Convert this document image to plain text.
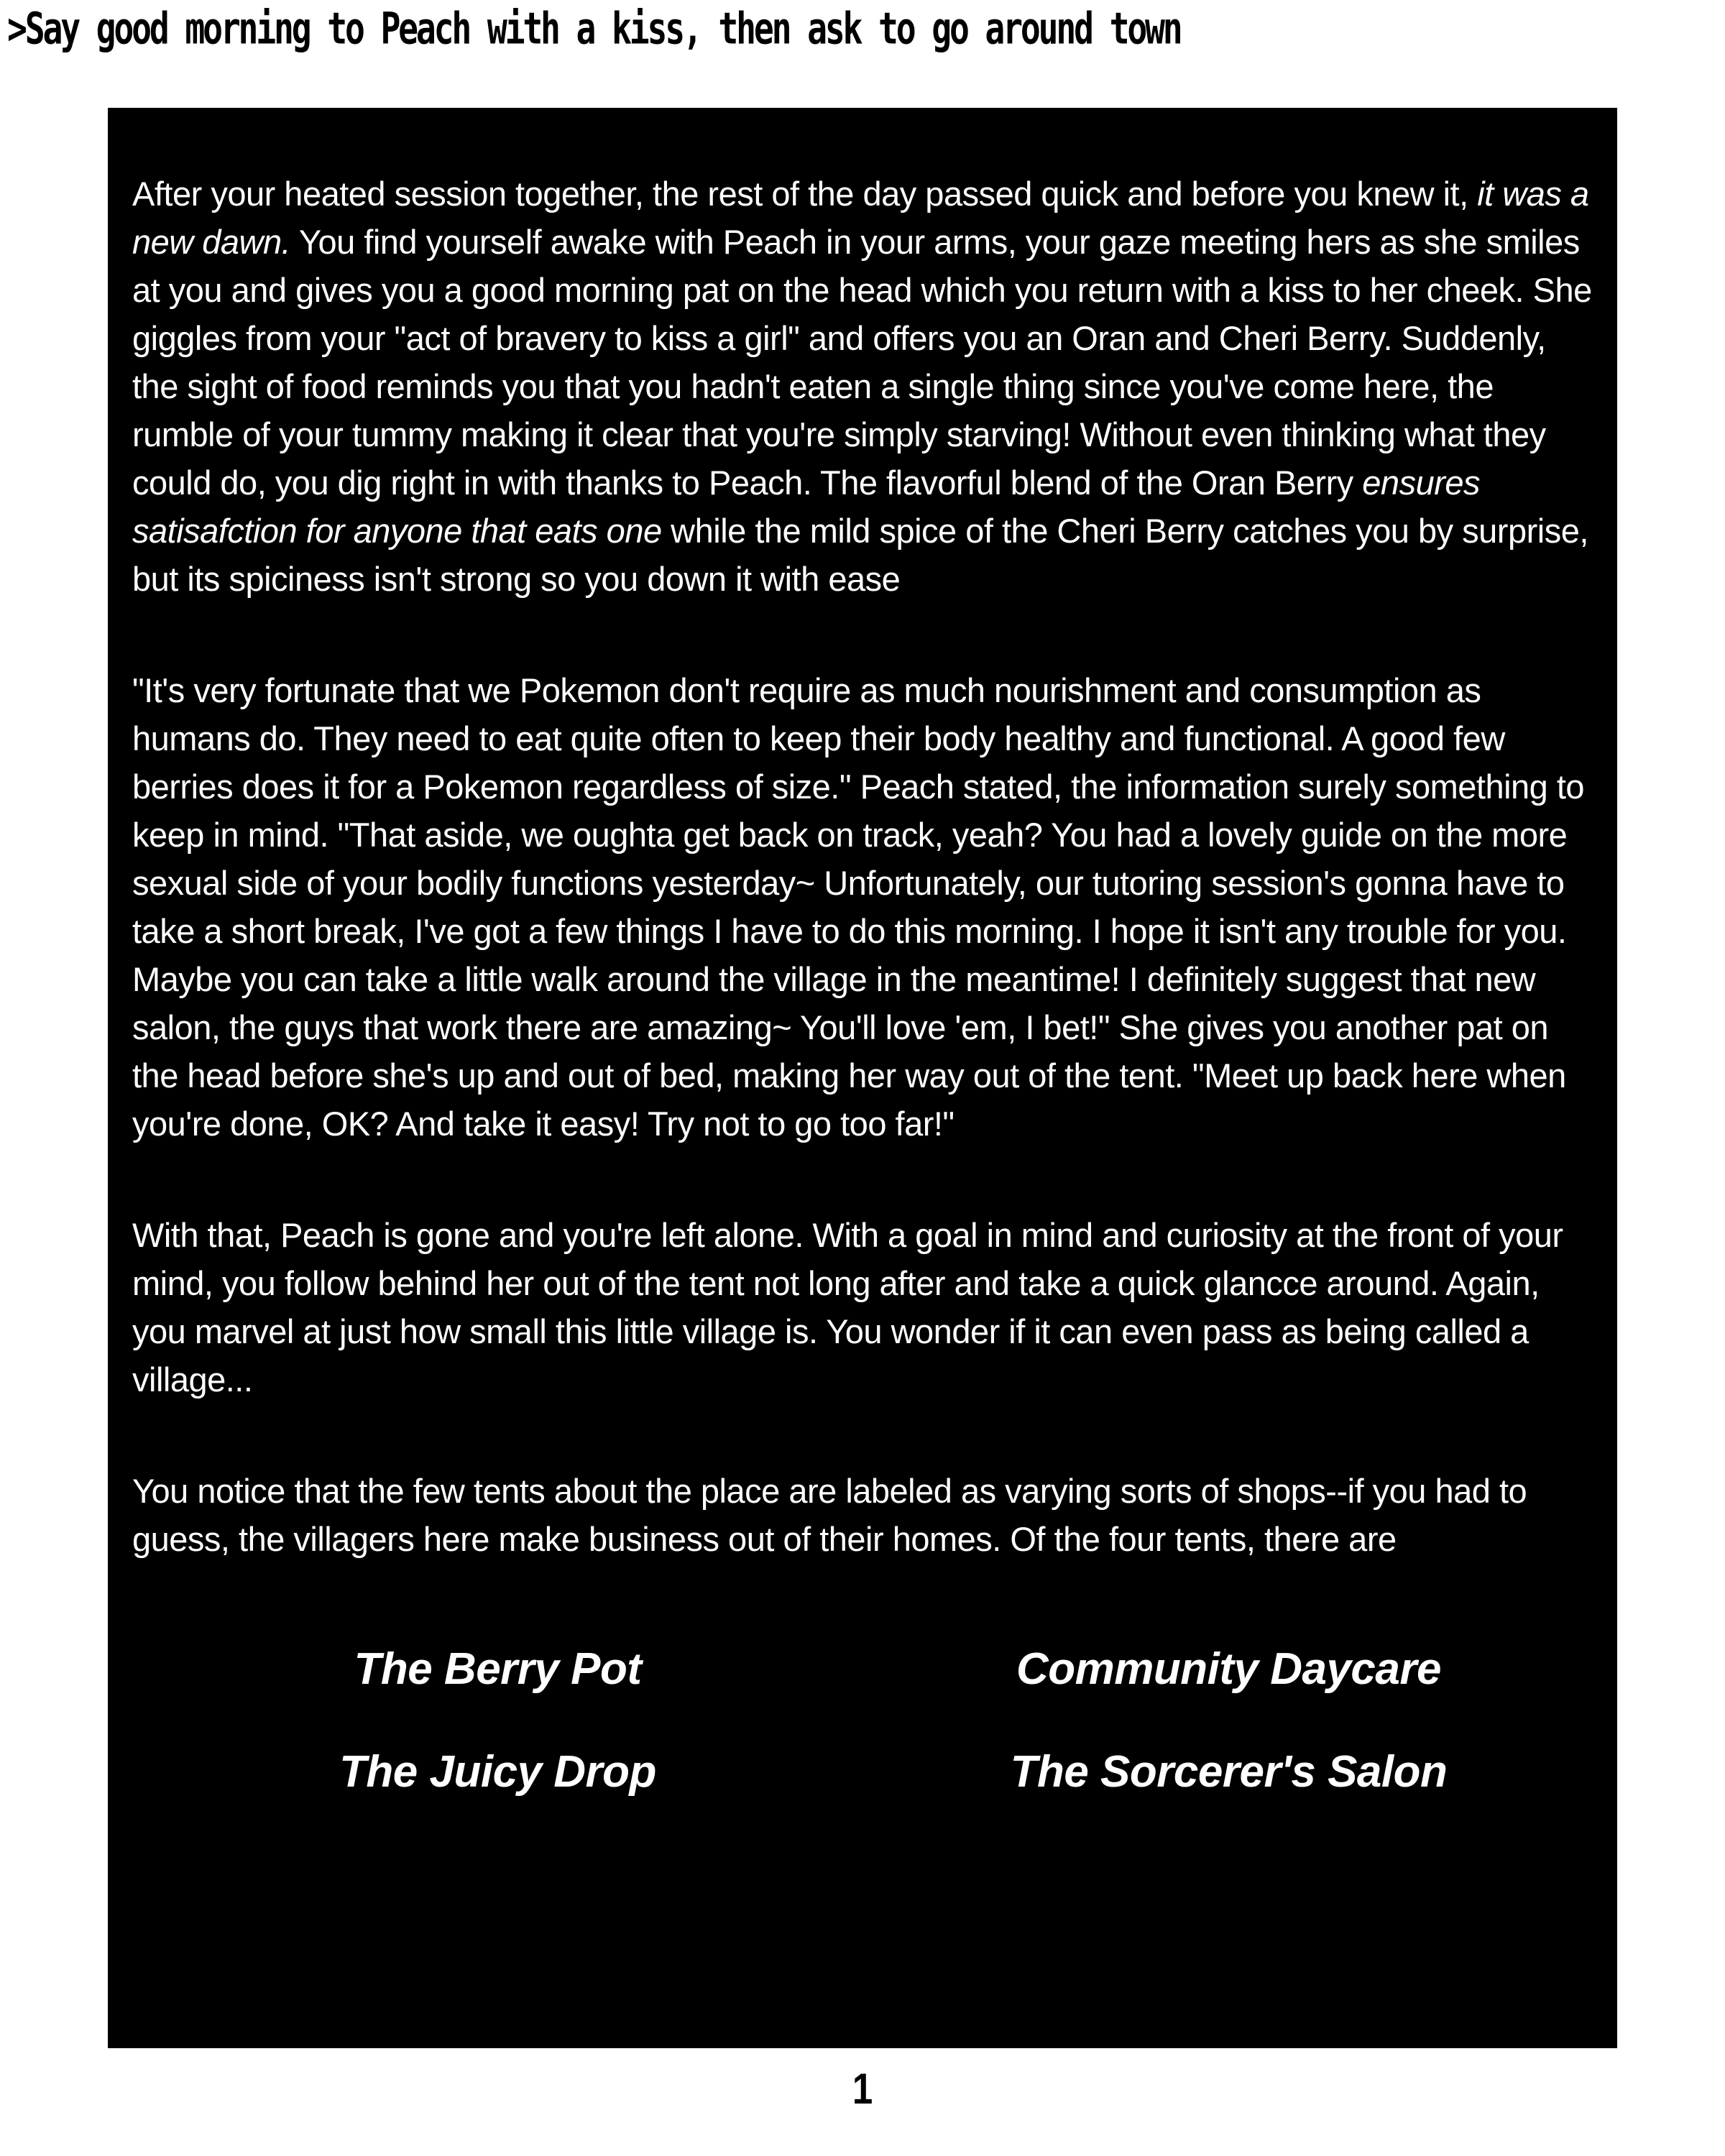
>Say good morning to Peach with a kiss, then ask to go around town

After your heated session together, the rest of the day passed quick and before you knew it, it was a new dawn. You find yourself awake with Peach in your arms, your gaze meeting hers as she smiles at you and gives you a good morning pat on the head which you return with a kiss to her cheek. She giggles from your "act of bravery to kiss a girl" and offers you an Oran and Cheri Berry. Suddenly, the sight of food reminds you that you hadn't eaten a single thing since you've come here, the rumble of your tummy making it clear that you're simply starving! Without even thinking what they could do, you dig right in with thanks to Peach. The flavorful blend of the Oran Berry ensures satisafction for anyone that eats one while the mild spice of the Cheri Berry catches you by surprise, but its spiciness isn't strong so you down it with ease

"It's very fortunate that we Pokemon don't require as much nourishment and consumption as humans do. They need to eat quite often to keep their body healthy and functional. A good few berries does it for a Pokemon regardless of size." Peach stated, the information surely something to keep in mind. "That aside, we oughta get back on track, yeah? You had a lovely guide on the more sexual side of your bodily functions yesterday~ Unfortunately, our tutoring session's gonna have to take a short break, I've got a few things I have to do this morning. I hope it isn't any trouble for you. Maybe you can take a little walk around the village in the meantime! I definitely suggest that new salon, the guys that work there are amazing~ You'll love 'em, I bet!" She gives you another pat on the head before she's up and out of bed, making her way out of the tent. "Meet up back here when you're done, OK? And take it easy! Try not to go too far!"

With that, Peach is gone and you're left alone. With a goal in mind and curiosity at the front of your mind, you follow behind her out of the tent not long after and take a quick glancce around. Again, you marvel at just how small this little village is. You wonder if it can even pass as being called a village...

You notice that the few tents about the place are labeled as varying sorts of shops--if you had to guess, the villagers here make business out of their homes. Of the four tents, there are

The Berry Pot	Community Daycare
The Juicy Drop	The Sorcerer's Salon
1
